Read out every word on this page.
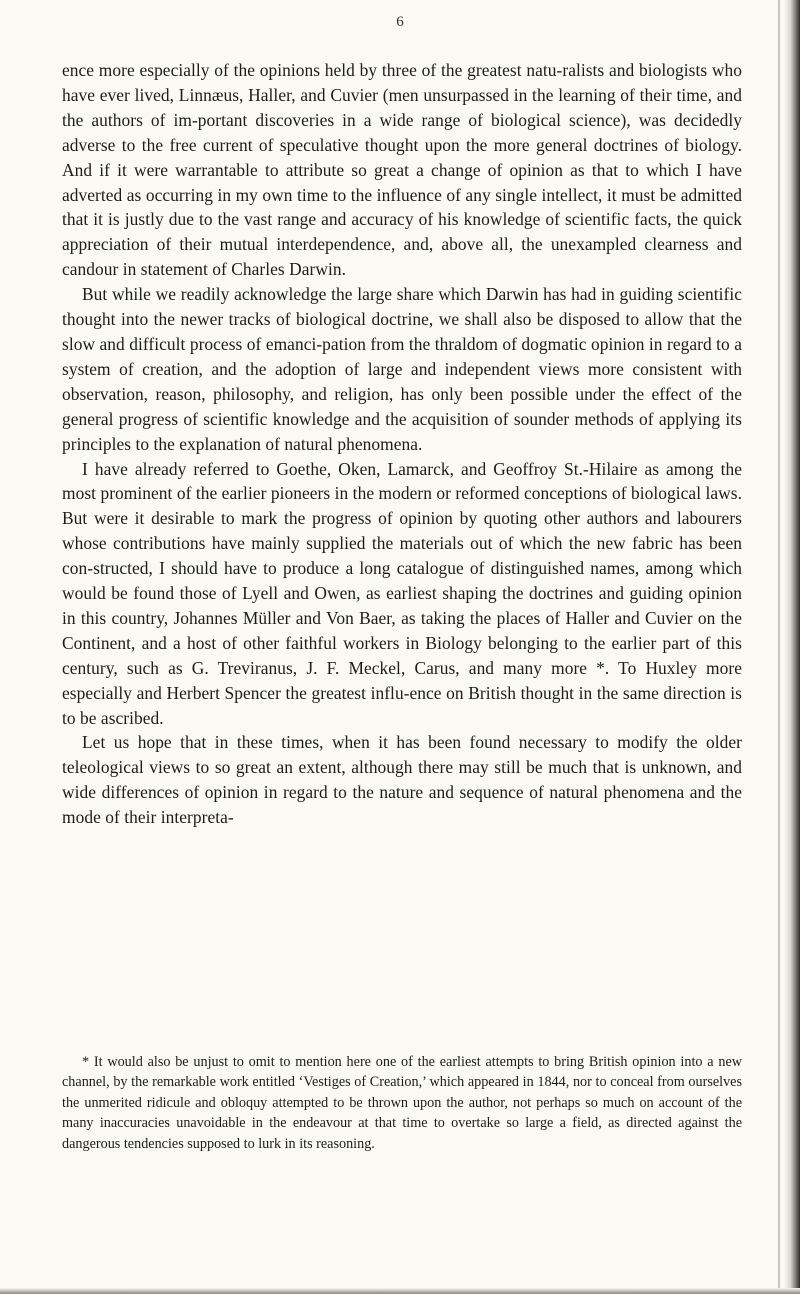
6

ence more especially of the opinions held by three of the greatest natu-ralists and biologists who have ever lived, Linnæus, Haller, and Cuvier (men unsurpassed in the learning of their time, and the authors of im-portant discoveries in a wide range of biological science), was decidedly adverse to the free current of speculative thought upon the more general doctrines of biology. And if it were warrantable to attribute so great a change of opinion as that to which I have adverted as occurring in my own time to the influence of any single intellect, it must be admitted that it is justly due to the vast range and accuracy of his knowledge of scientific facts, the quick appreciation of their mutual interdependence, and, above all, the unexampled clearness and candour in statement of Charles Darwin.

But while we readily acknowledge the large share which Darwin has had in guiding scientific thought into the newer tracks of biological doctrine, we shall also be disposed to allow that the slow and difficult process of emanci-pation from the thraldom of dogmatic opinion in regard to a system of creation, and the adoption of large and independent views more consistent with observation, reason, philosophy, and religion, has only been possible under the effect of the general progress of scientific knowledge and the acquisition of sounder methods of applying its principles to the explanation of natural phenomena.

I have already referred to Goethe, Oken, Lamarck, and Geoffroy St.-Hilaire as among the most prominent of the earlier pioneers in the modern or reformed conceptions of biological laws. But were it desirable to mark the progress of opinion by quoting other authors and labourers whose contributions have mainly supplied the materials out of which the new fabric has been con-structed, I should have to produce a long catalogue of distinguished names, among which would be found those of Lyell and Owen, as earliest shaping the doctrines and guiding opinion in this country, Johannes Müller and Von Baer, as taking the places of Haller and Cuvier on the Continent, and a host of other faithful workers in Biology belonging to the earlier part of this century, such as G. Treviranus, J. F. Meckel, Carus, and many more *. To Huxley more especially and Herbert Spencer the greatest influ-ence on British thought in the same direction is to be ascribed.

Let us hope that in these times, when it has been found necessary to modify the older teleological views to so great an extent, although there may still be much that is unknown, and wide differences of opinion in regard to the nature and sequence of natural phenomena and the mode of their interpreta-

* It would also be unjust to omit to mention here one of the earliest attempts to bring British opinion into a new channel, by the remarkable work entitled ‘Vestiges of Creation,’ which appeared in 1844, nor to conceal from ourselves the unmerited ridicule and obloquy attempted to be thrown upon the author, not perhaps so much on account of the many inaccuracies unavoidable in the endeavour at that time to overtake so large a field, as directed against the dangerous tendencies supposed to lurk in its reasoning.
